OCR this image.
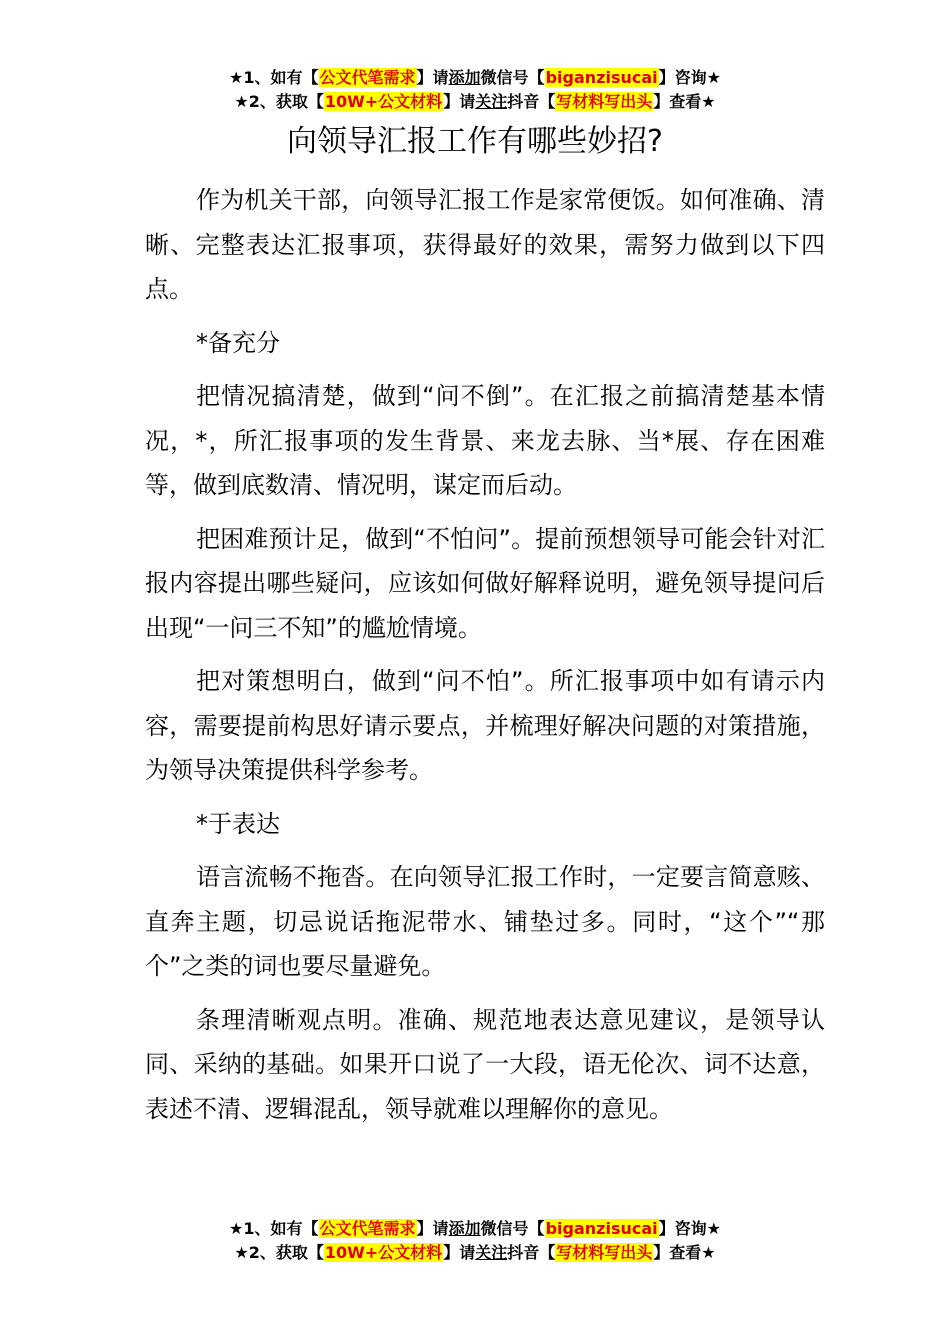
★1、如有【公文代笔需求】请添加微信号【biganzisucai】咨询★
★2、获取【10W+公文材料】请关注抖音【写材料写出头】查看★
向领导汇报工作有哪些妙招?

作为机关干部，向领导汇报工作是家常便饭。如何准确、清晰、完整表达汇报事项，获得最好的效果，需努力做到以下四点。

*备充分

把情况搞清楚，做到“问不倒”。在汇报之前搞清楚基本情况，*，所汇报事项的发生背景、来龙去脉、当*展、存在困难等，做到底数清、情况明，谋定而后动。

把困难预计足，做到“不怕问”。提前预想领导可能会针对汇报内容提出哪些疑问，应该如何做好解释说明，避免领导提问后出现“一问三不知”的尴尬情境。

把对策想明白，做到“问不怕”。所汇报事项中如有请示内容，需要提前构思好请示要点，并梳理好解决问题的对策措施，为领导决策提供科学参考。

*于表达

语言流畅不拖沓。在向领导汇报工作时，一定要言简意赅、直奔主题，切忌说话拖泥带水、铺垫过多。同时，“这个”“那个”之类的词也要尽量避免。

条理清晰观点明。准确、规范地表达意见建议，是领导认同、采纳的基础。如果开口说了一大段，语无伦次、词不达意，表述不清、逻辑混乱，领导就难以理解你的意见。

★1、如有【公文代笔需求】请添加微信号【biganzisucai】咨询★
★2、获取【10W+公文材料】请关注抖音【写材料写出头】查看★
